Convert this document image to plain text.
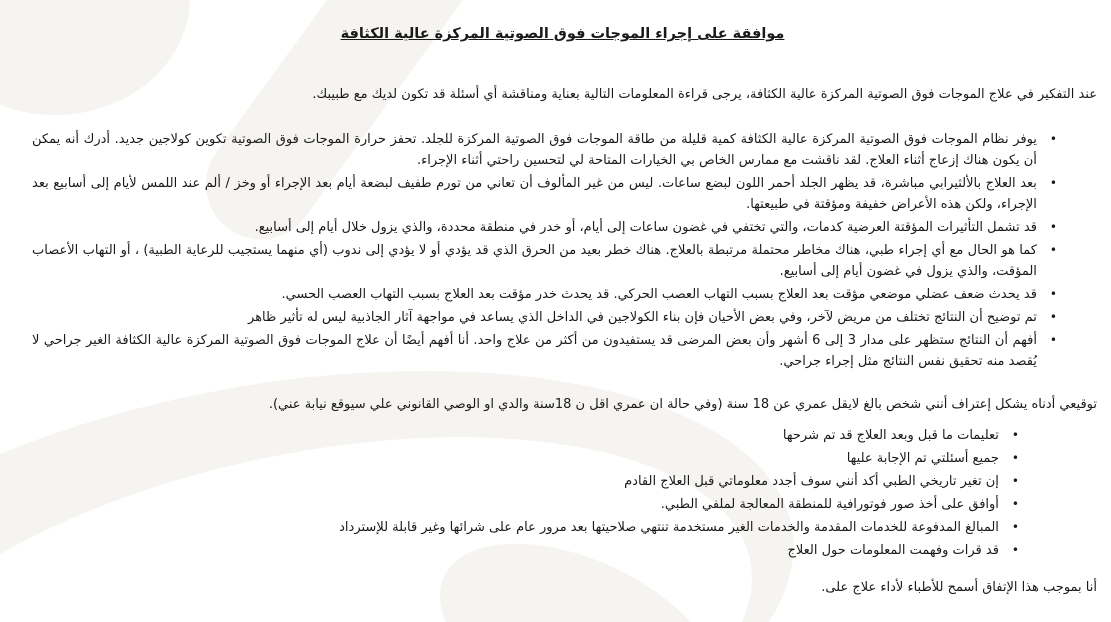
موافقة على إجراء الموجات فوق الصوتية المركزة عالية الكثافة

عند التفكير في علاج الموجات فوق الصوتية المركزة عالية الكثافة، يرجى قراءة المعلومات التالية بعناية ومناقشة أي أسئلة قد تكون لديك مع طبيبك.

•

يوفر نظام الموجات فوق الصوتية المركزة عالية الكثافة كمية قليلة من طاقة الموجات فوق الصوتية المركزة للجلد. تحفز حرارة الموجات فوق الصوتية تكوين كولاجين جديد. أدرك أنه يمكن أن يكون هناك إزعاج أثناء العلاج. لقد ناقشت مع ممارس الخاص بي الخيارات المتاحة لي لتحسين راحتي أثناء الإجراء.

•

بعد العلاج بالألثيرابي مباشرة، قد يظهر الجلد أحمر اللون لبضع ساعات. ليس من غير المألوف أن تعاني من تورم طفيف لبضعة أيام بعد الإجراء أو وخز / ألم عند اللمس لأيام إلى أسابيع بعد الإجراء، ولكن هذه الأعراض خفيفة ومؤقتة في طبيعتها.

•

قد تشمل التأثيرات المؤقتة العرضية كدمات، والتي تختفي في غضون ساعات إلى أيام، أو خدر في منطقة محددة، والذي يزول خلال أيام إلى أسابيع.

•

كما هو الحال مع أي إجراء طبي، هناك مخاطر محتملة مرتبطة بالعلاج. هناك خطر بعيد من الحرق الذي قد يؤدي أو لا يؤدي إلى ندوب (أي منهما يستجيب للرعاية الطبية) ، أو التهاب الأعصاب المؤقت، والذي يزول في غضون أيام إلى أسابيع.

•

قد يحدث ضعف عضلي موضعي مؤقت بعد العلاج بسبب التهاب العصب الحركي. قد يحدث خدر مؤقت بعد العلاج بسبب التهاب العصب الحسي.

•

تم توضيح أن النتائج تختلف من مريض لآخر، وفي بعض الأحيان فإن بناء الكولاجين في الداخل الذي يساعد في مواجهة آثار الجاذبية ليس له تأثير ظاهر

•

أفهم أن النتائج ستظهر على مدار 3 إلى 6 أشهر وأن بعض المرضى قد يستفيدون من أكثر من علاج واحد. أنا أفهم أيضًا أن علاج الموجات فوق الصوتية المركزة عالية الكثافة الغير جراحي لا يُقصد منه تحقيق نفس النتائج مثل إجراء جراحي.

توقيعي أدناه يشكل إعتراف أنني شخص بالغ لايقل عمري عن 18 سنة (وفي حالة ان عمري اقل ن 18سنة والدي او الوصي القانوني علي سيوقع نيابة عني).

•

تعليمات ما قبل وبعد العلاج قد تم شرحها

•

جميع أسئلتي تم الإجابة عليها

•

إن تغير تاريخي الطبي أكد أنني سوف أجدد معلوماتي قبل العلاج القادم

•

أوافق على أخذ صور فوتورافية للمنطقة المعالجة لملفي الطبي.

•

المبالغ المدفوعة للخدمات المقدمة والخدمات الغير مستخدمة تنتهي صلاحيتها بعد مرور عام على شرائها وغير قابلة للإسترداد

•

قد قرات وفهمت المعلومات حول العلاج

أنا بموجب هذا الإتفاق أسمح للأطباء لأداء علاج على.
